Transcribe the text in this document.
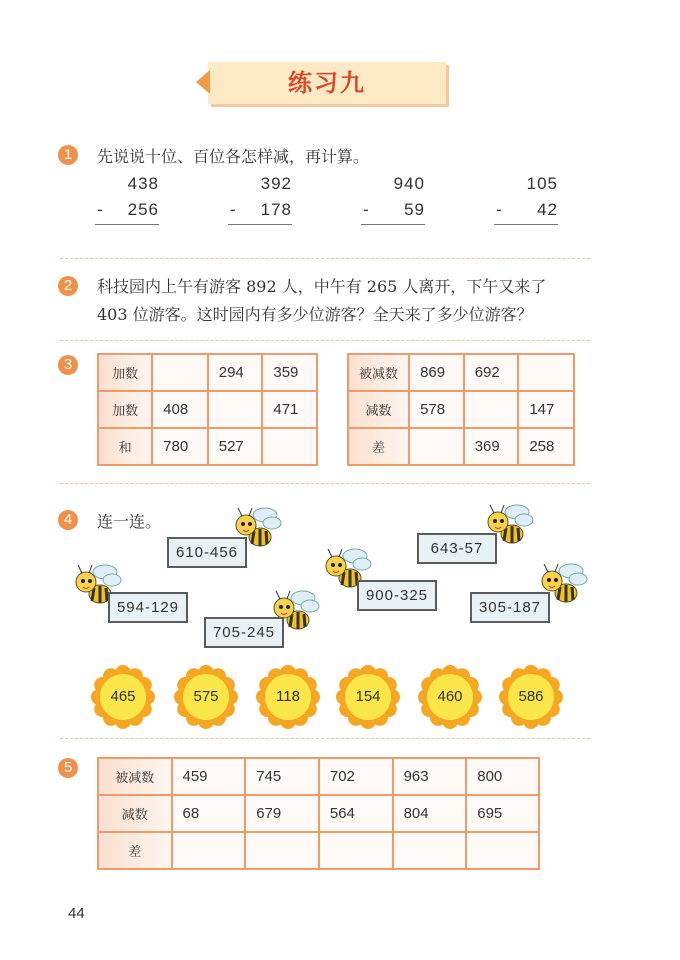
练习九
1	先说说十位、百位各怎样减，再计算。
438
- 256
392
- 178
940
- 59
105
- 42
2	科技园内上午有游客 892 人，中午有 265 人离开，下午又来了
403 位游客。这时园内有多少位游客？全天来了多少位游客？
3
加数		294	359
加数	408		471
和	780	527	
被减数	869	692	
减数	578		147
差		369	258
4	连一连。
610-456
594-129
705-245
900-325
643-57
305-187
465	575	118	154	460	586
5
被减数	459	745	702	963	800
减数	68	679	564	804	695
差					
44
